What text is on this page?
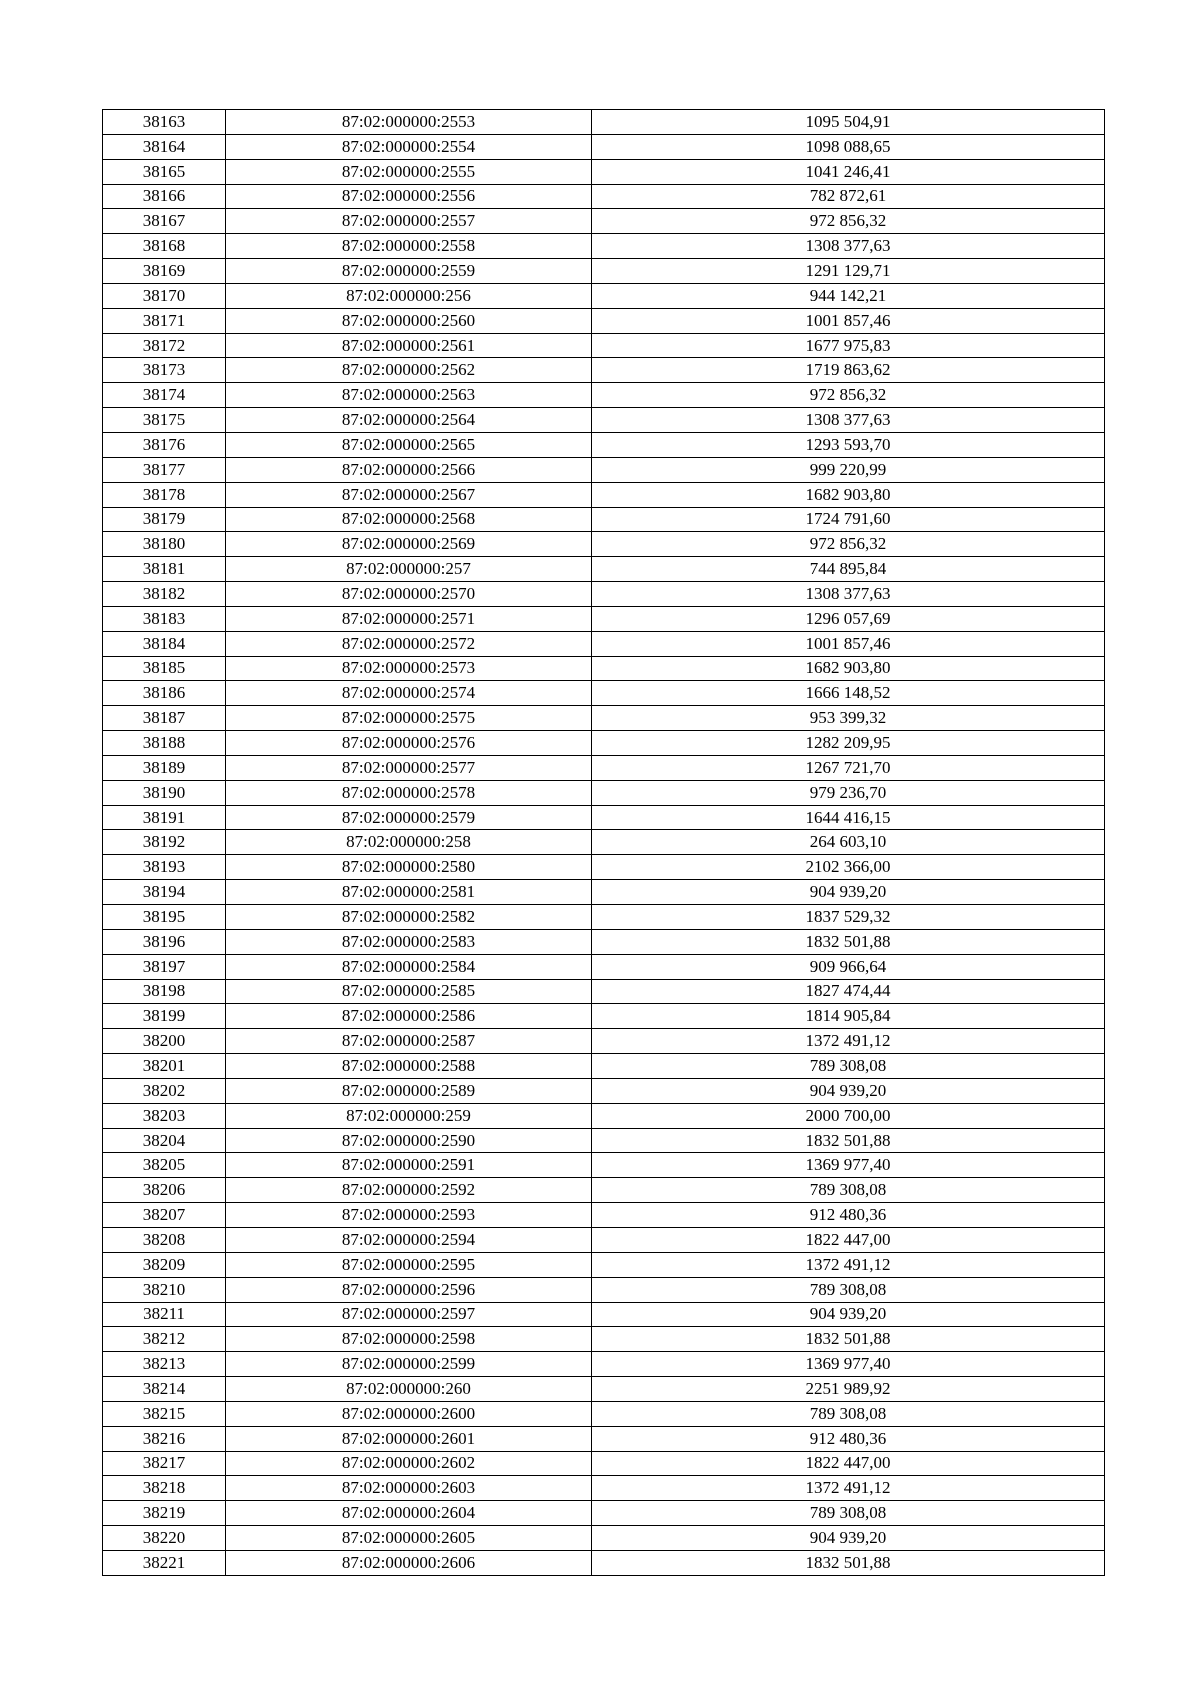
38163	87:02:000000:2553	1095 504,91
38164	87:02:000000:2554	1098 088,65
38165	87:02:000000:2555	1041 246,41
38166	87:02:000000:2556	782 872,61
38167	87:02:000000:2557	972 856,32
38168	87:02:000000:2558	1308 377,63
38169	87:02:000000:2559	1291 129,71
38170	87:02:000000:256	944 142,21
38171	87:02:000000:2560	1001 857,46
38172	87:02:000000:2561	1677 975,83
38173	87:02:000000:2562	1719 863,62
38174	87:02:000000:2563	972 856,32
38175	87:02:000000:2564	1308 377,63
38176	87:02:000000:2565	1293 593,70
38177	87:02:000000:2566	999 220,99
38178	87:02:000000:2567	1682 903,80
38179	87:02:000000:2568	1724 791,60
38180	87:02:000000:2569	972 856,32
38181	87:02:000000:257	744 895,84
38182	87:02:000000:2570	1308 377,63
38183	87:02:000000:2571	1296 057,69
38184	87:02:000000:2572	1001 857,46
38185	87:02:000000:2573	1682 903,80
38186	87:02:000000:2574	1666 148,52
38187	87:02:000000:2575	953 399,32
38188	87:02:000000:2576	1282 209,95
38189	87:02:000000:2577	1267 721,70
38190	87:02:000000:2578	979 236,70
38191	87:02:000000:2579	1644 416,15
38192	87:02:000000:258	264 603,10
38193	87:02:000000:2580	2102 366,00
38194	87:02:000000:2581	904 939,20
38195	87:02:000000:2582	1837 529,32
38196	87:02:000000:2583	1832 501,88
38197	87:02:000000:2584	909 966,64
38198	87:02:000000:2585	1827 474,44
38199	87:02:000000:2586	1814 905,84
38200	87:02:000000:2587	1372 491,12
38201	87:02:000000:2588	789 308,08
38202	87:02:000000:2589	904 939,20
38203	87:02:000000:259	2000 700,00
38204	87:02:000000:2590	1832 501,88
38205	87:02:000000:2591	1369 977,40
38206	87:02:000000:2592	789 308,08
38207	87:02:000000:2593	912 480,36
38208	87:02:000000:2594	1822 447,00
38209	87:02:000000:2595	1372 491,12
38210	87:02:000000:2596	789 308,08
38211	87:02:000000:2597	904 939,20
38212	87:02:000000:2598	1832 501,88
38213	87:02:000000:2599	1369 977,40
38214	87:02:000000:260	2251 989,92
38215	87:02:000000:2600	789 308,08
38216	87:02:000000:2601	912 480,36
38217	87:02:000000:2602	1822 447,00
38218	87:02:000000:2603	1372 491,12
38219	87:02:000000:2604	789 308,08
38220	87:02:000000:2605	904 939,20
38221	87:02:000000:2606	1832 501,88
